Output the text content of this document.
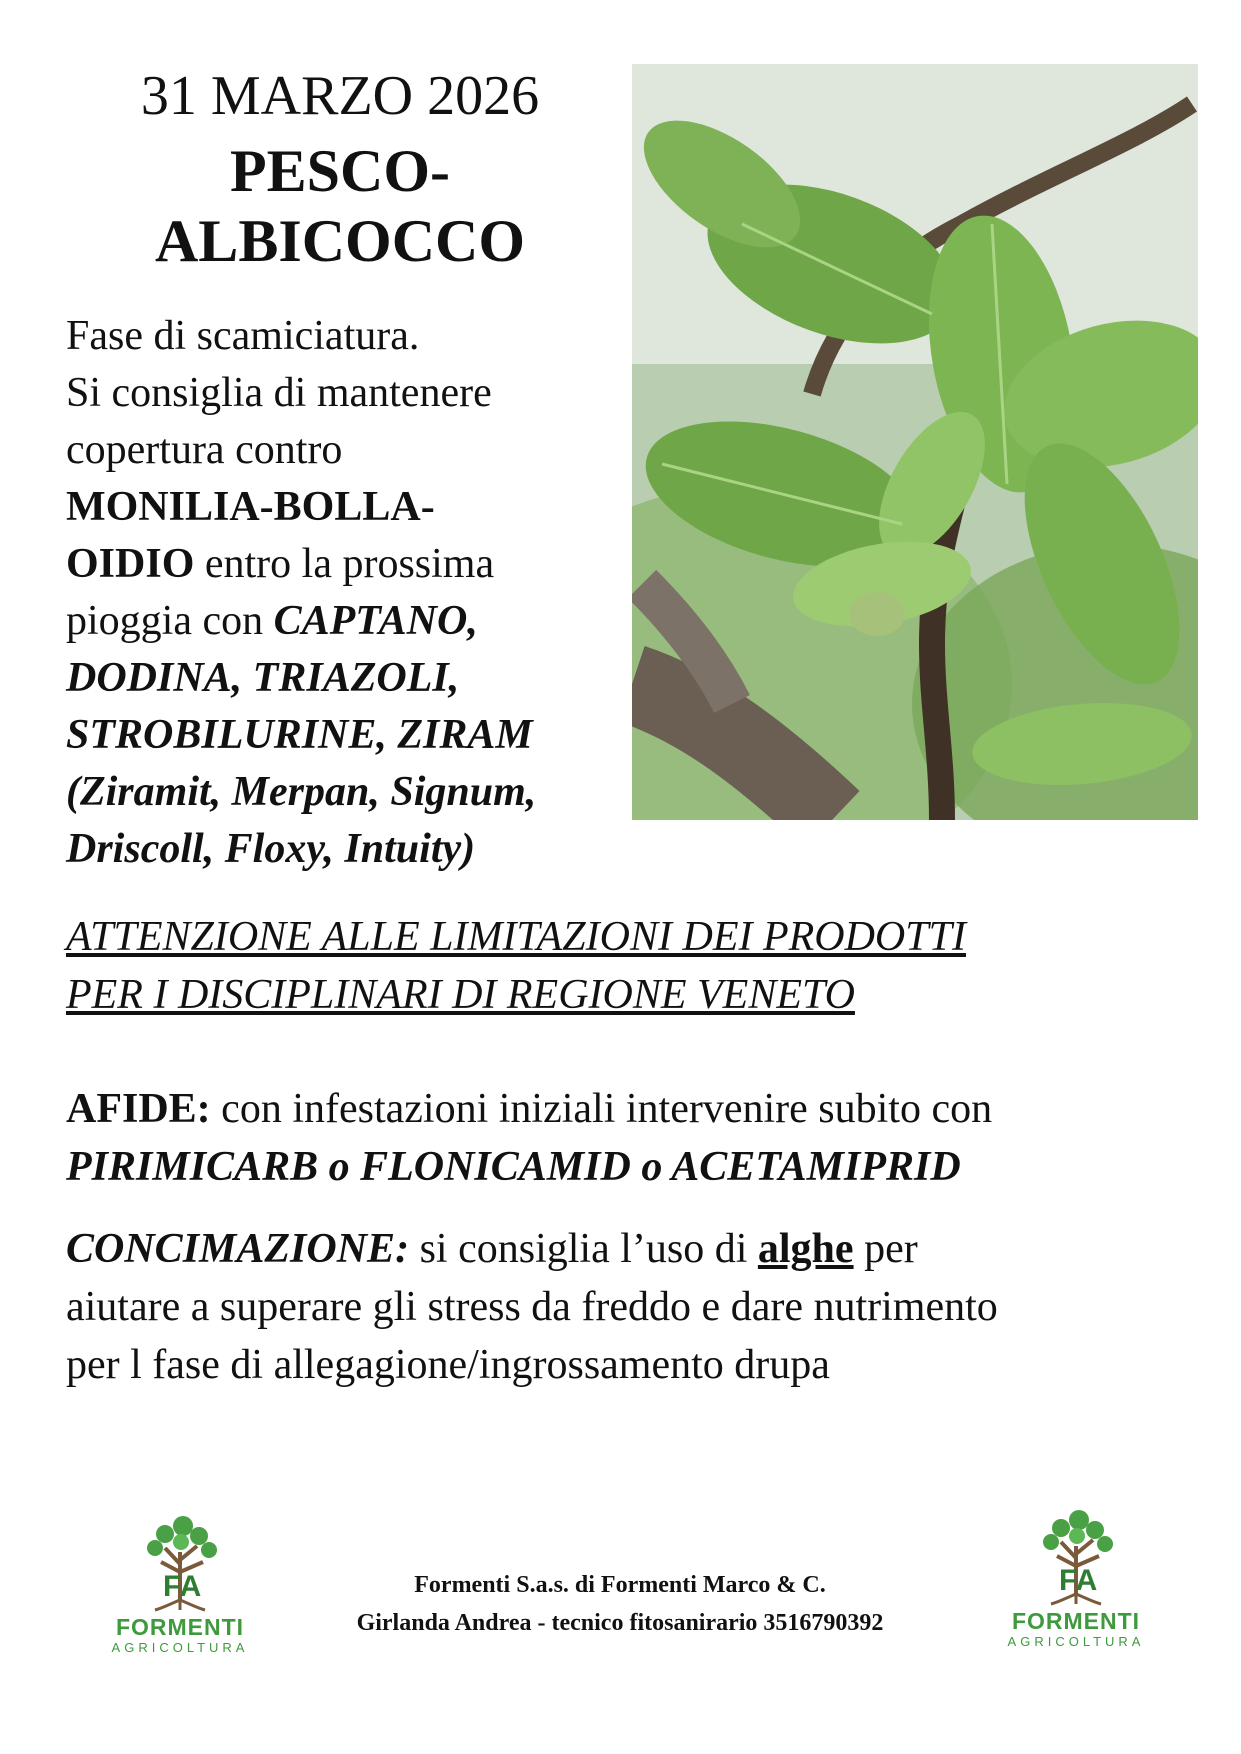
31 MARZO 2026
PESCO-
ALBICOCCO
Fase di scamiciatura.
Si consiglia di mantenere
copertura contro
MONILIA-BOLLA-
OIDIO entro la prossima
pioggia con CAPTANO,
DODINA, TRIAZOLI,
STROBILURINE, ZIRAM
(Ziramit, Merpan, Signum,
Driscoll, Floxy, Intuity)
ATTENZIONE ALLE LIMITAZIONI DEI PRODOTTI
PER I DISCIPLINARI DI REGIONE VENETO
AFIDE: con infestazioni iniziali intervenire subito con
PIRIMICARB o FLONICAMID o ACETAMIPRID
CONCIMAZIONE: si consiglia l’uso di alghe per
aiutare a superare gli stress da freddo e dare nutrimento
per l fase di allegagione/ingrossamento drupa
FA
FORMENTI
AGRICOLTURA
Formenti S.a.s. di Formenti Marco & C.
Girlanda Andrea - tecnico fitosanirario 3516790392
FA
FORMENTI
AGRICOLTURA
